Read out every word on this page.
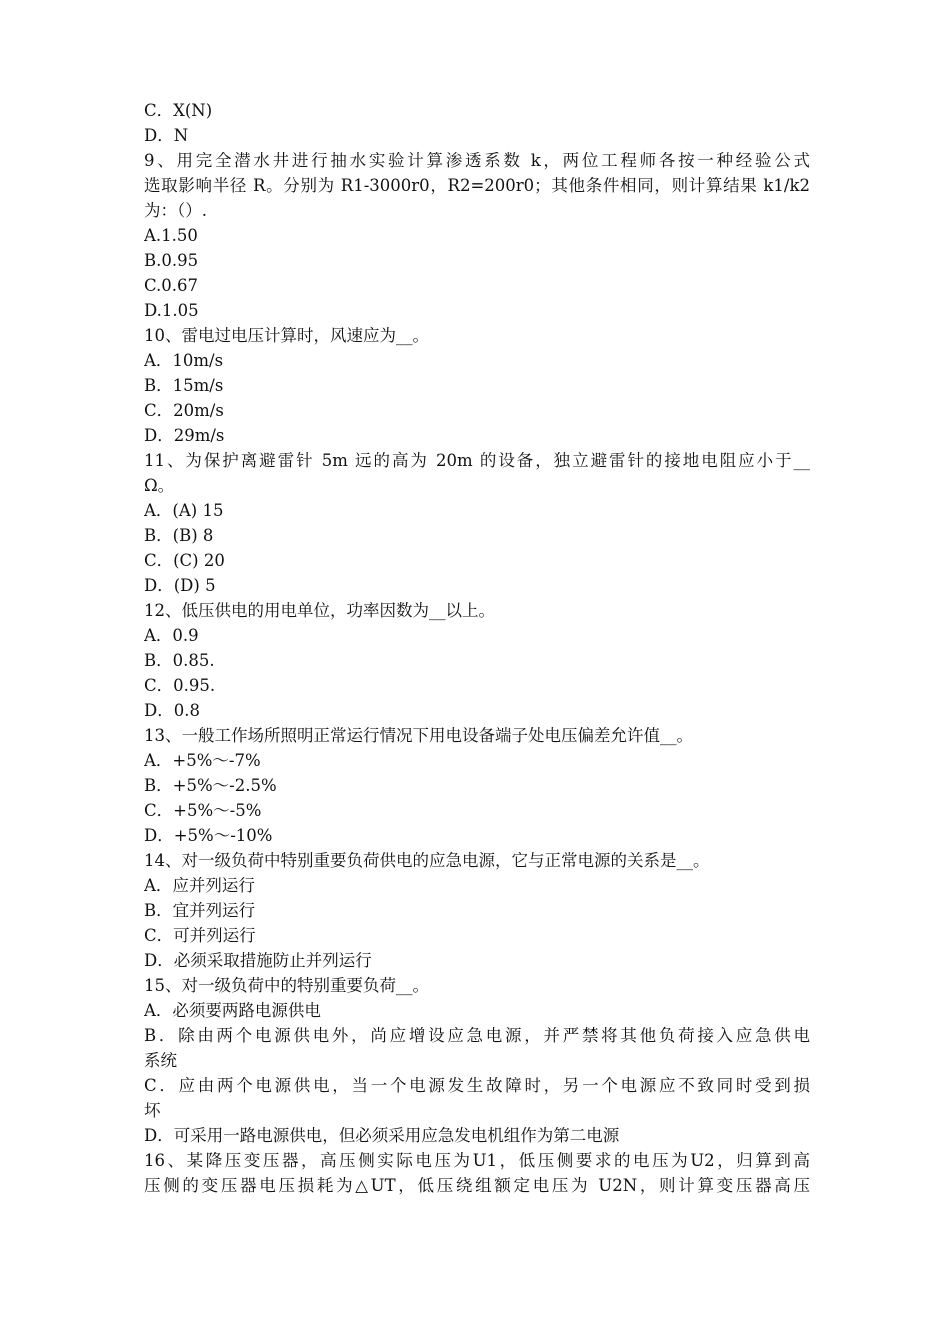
C．X(N)
D．N
9、用完全潜水井进行抽水实验计算渗透系数 k，两位工程师各按一种经验公式
选取影响半径 R。分别为 R1-3000r0，R2=200r0；其他条件相同，则计算结果 k1/k2
为：（）.
A.1.50
B.0.95
C.0.67
D.1.05
10、雷电过电压计算时，风速应为__。
A．10m/s
B．15m/s
C．20m/s
D．29m/s
11、为保护离避雷针 5m 远的高为 20m 的设备，独立避雷针的接地电阻应小于__
Ω。
A．(A) 15
B．(B) 8
C．(C) 20
D．(D) 5
12、低压供电的用电单位，功率因数为__以上。
A．0.9
B．0.85.
C．0.95.
D．0.8
13、一般工作场所照明正常运行情况下用电设备端子处电压偏差允许值__。
A．+5%～-7%
B．+5%～-2.5%
C．+5%～-5%
D．+5%～-10%
14、对一级负荷中特别重要负荷供电的应急电源，它与正常电源的关系是__。
A．应并列运行
B．宜并列运行
C．可并列运行
D．必须采取措施防止并列运行
15、对一级负荷中的特别重要负荷__。
A．必须要两路电源供电
B．除由两个电源供电外，尚应增设应急电源，并严禁将其他负荷接入应急供电
系统
C．应由两个电源供电，当一个电源发生故障时，另一个电源应不致同时受到损
坏
D．可采用一路电源供电，但必须采用应急发电机组作为第二电源
16、某降压变压器，高压侧实际电压为U1，低压侧要求的电压为U2，归算到高
压侧的变压器电压损耗为△UT，低压绕组额定电压为 U2N，则计算变压器高压
